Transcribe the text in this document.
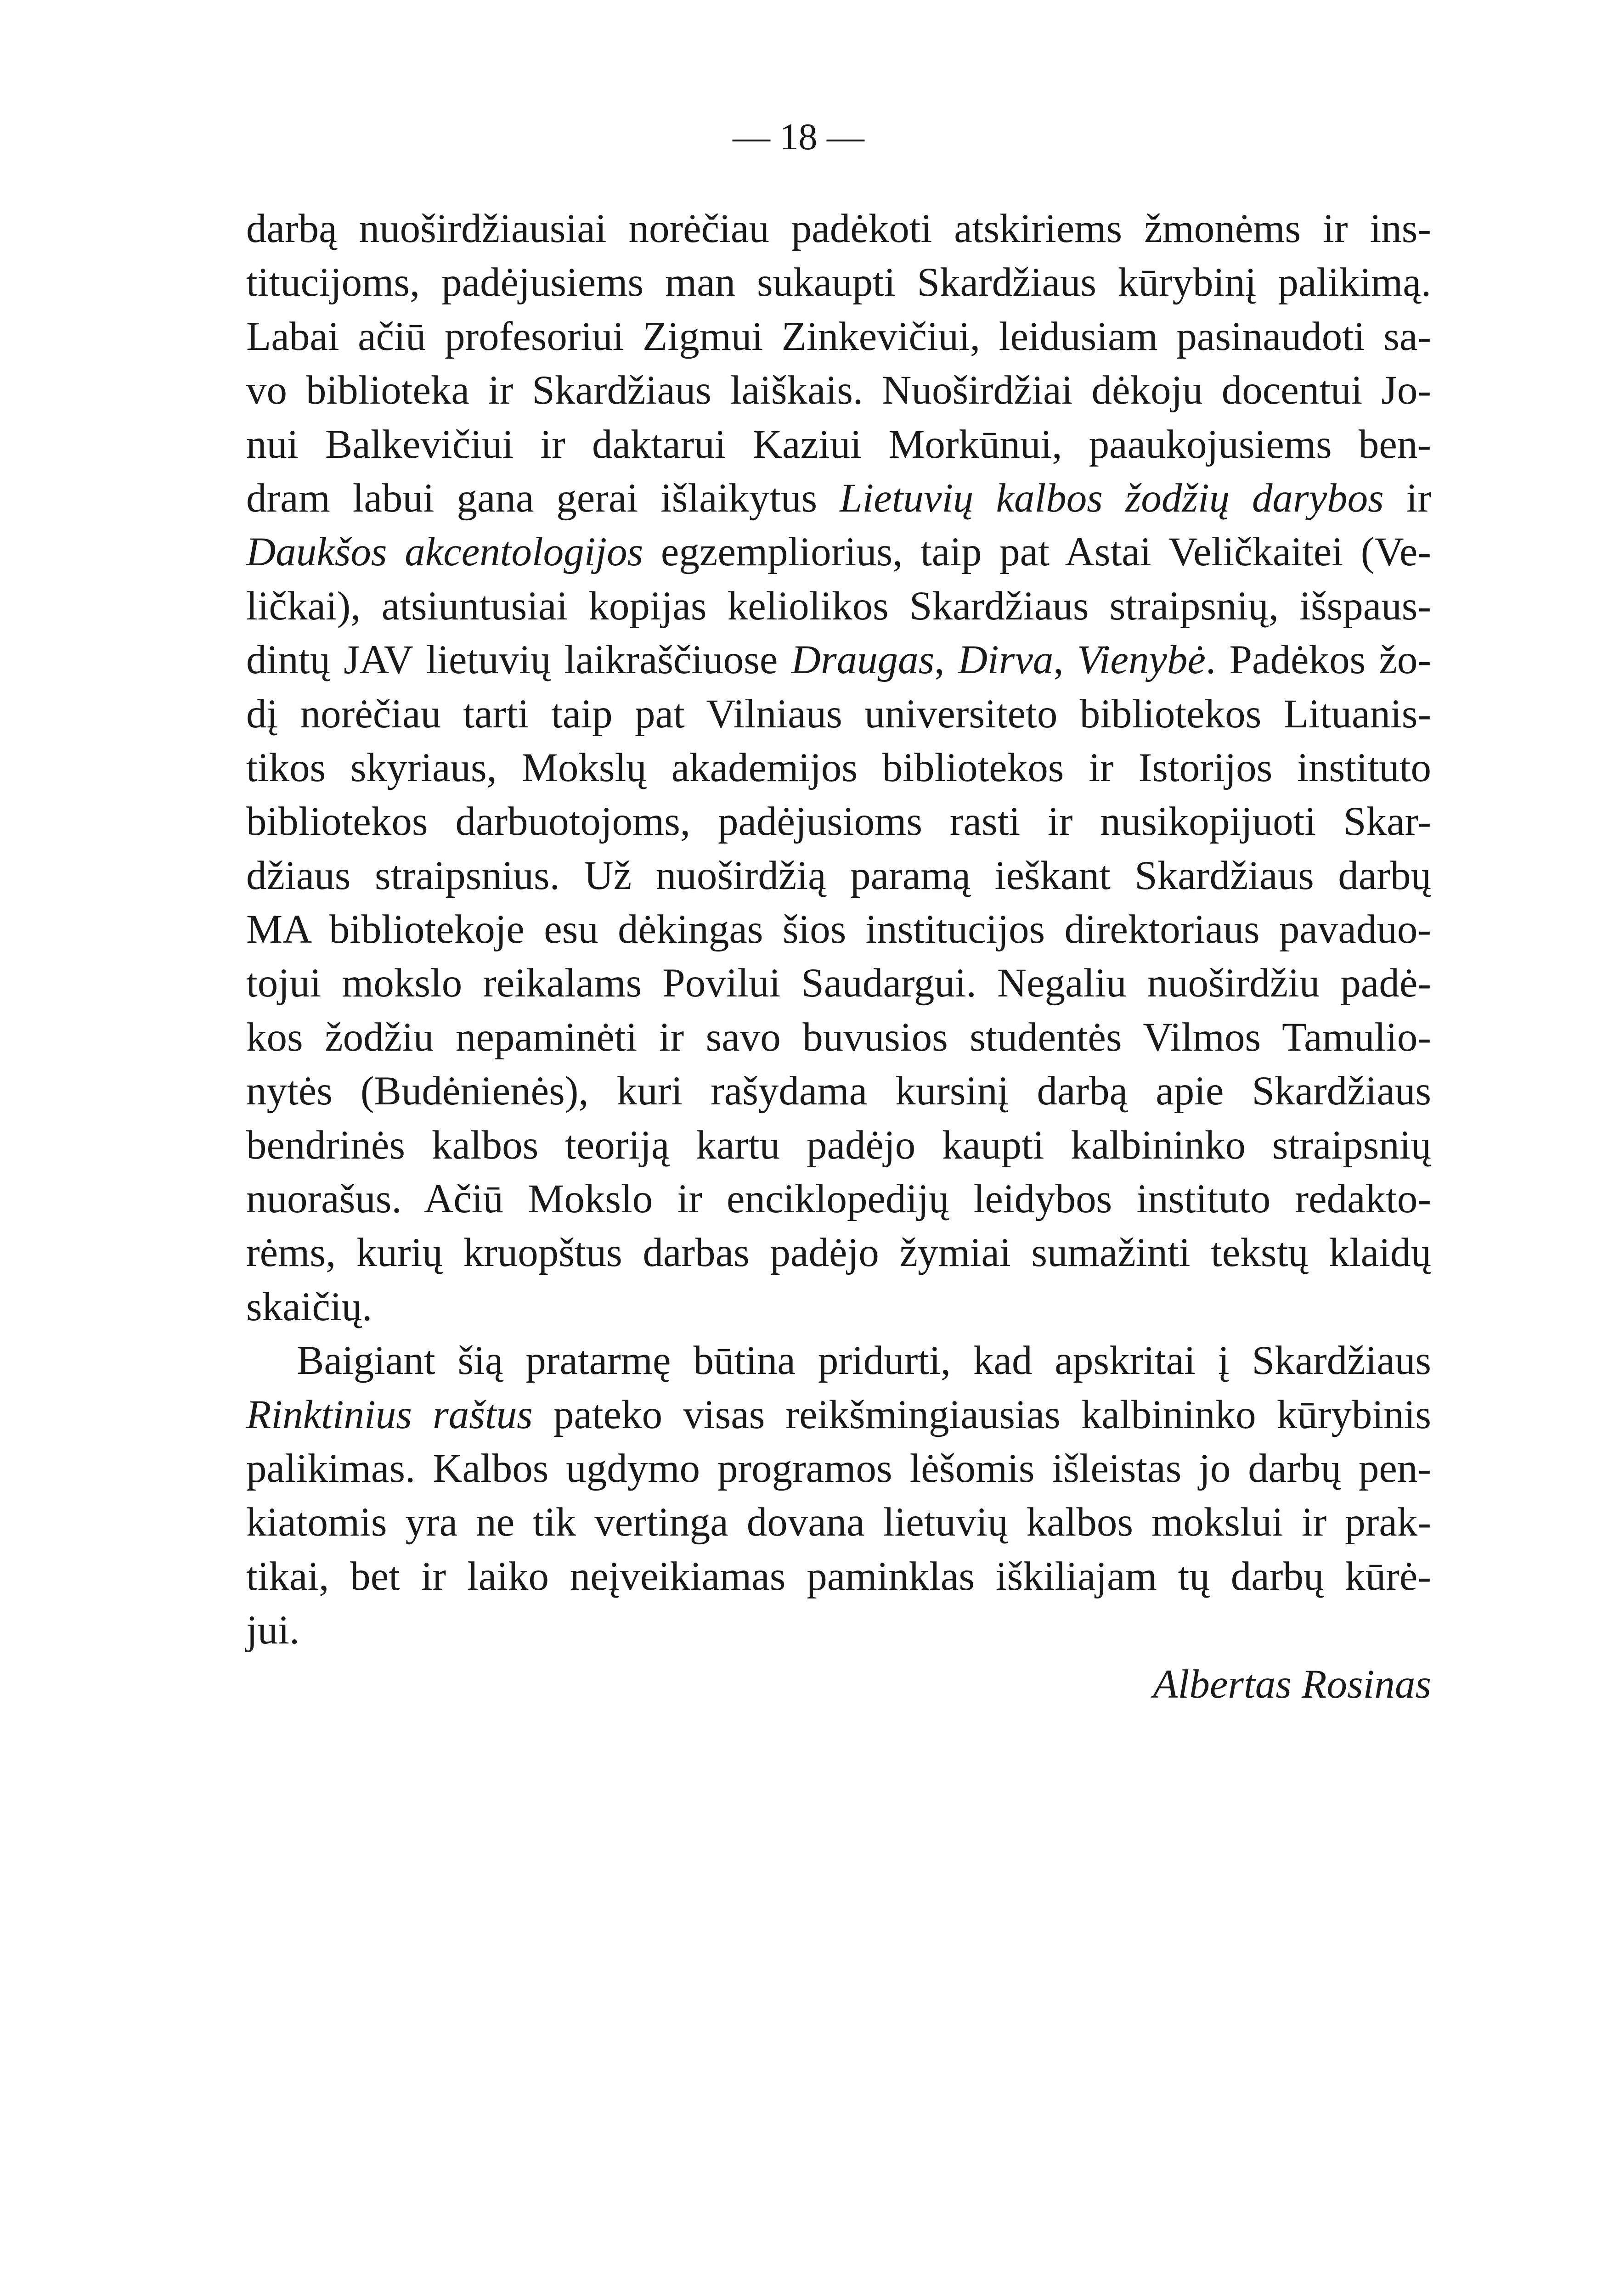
— 18 —
darbą nuoširdžiausiai norėčiau padėkoti atskiriems žmonėms ir ins-
titucijoms, padėjusiems man sukaupti Skardžiaus kūrybinį palikimą.
Labai ačiū profesoriui Zigmui Zinkevičiui, leidusiam pasinaudoti sa-
vo biblioteka ir Skardžiaus laiškais. Nuoširdžiai dėkoju docentui Jo-
nui Balkevičiui ir daktarui Kaziui Morkūnui, paaukojusiems ben-
dram labui gana gerai išlaikytus Lietuvių kalbos žodžių darybos ir
Daukšos akcentologijos egzempliorius, taip pat Astai Veličkaitei (Ve-
ličkai), atsiuntusiai kopijas keliolikos Skardžiaus straipsnių, išspaus-
dintų JAV lietuvių laikraščiuose Draugas, Dirva, Vienybė. Padėkos žo-
dį norėčiau tarti taip pat Vilniaus universiteto bibliotekos Lituanis-
tikos skyriaus, Mokslų akademijos bibliotekos ir Istorijos instituto
bibliotekos darbuotojoms, padėjusioms rasti ir nusikopijuoti Skar-
džiaus straipsnius. Už nuoširdžią paramą ieškant Skardžiaus darbų
MA bibliotekoje esu dėkingas šios institucijos direktoriaus pavaduo-
tojui mokslo reikalams Povilui Saudargui. Negaliu nuoširdžiu padė-
kos žodžiu nepaminėti ir savo buvusios studentės Vilmos Tamulio-
nytės (Budėnienės), kuri rašydama kursinį darbą apie Skardžiaus
bendrinės kalbos teoriją kartu padėjo kaupti kalbininko straipsnių
nuorašus. Ačiū Mokslo ir enciklopedijų leidybos instituto redakto-
rėms, kurių kruopštus darbas padėjo žymiai sumažinti tekstų klaidų
skaičių.
Baigiant šią pratarmę būtina pridurti, kad apskritai į Skardžiaus
Rinktinius raštus pateko visas reikšmingiausias kalbininko kūrybinis
palikimas. Kalbos ugdymo programos lėšomis išleistas jo darbų pen-
kiatomis yra ne tik vertinga dovana lietuvių kalbos mokslui ir prak-
tikai, bet ir laiko neįveikiamas paminklas iškiliajam tų darbų kūrė-
jui.
Albertas Rosinas
